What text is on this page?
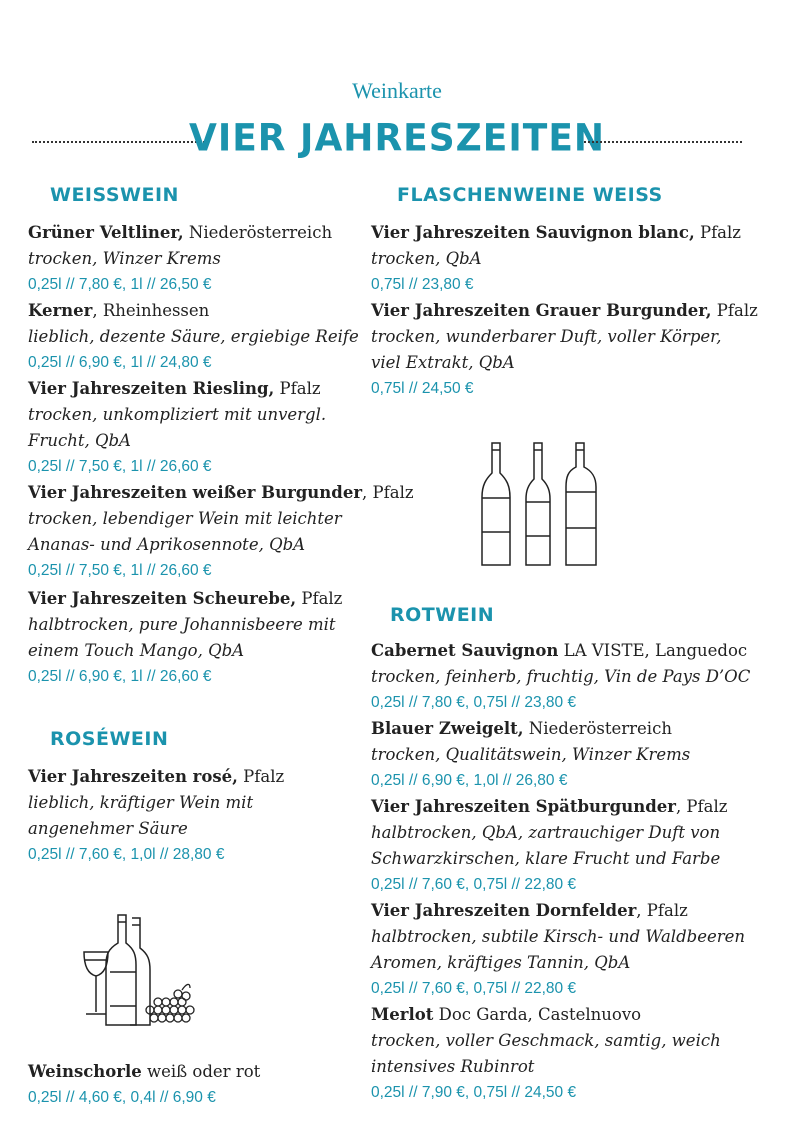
Weinkarte
VIER JAHRESZEITEN
WEISSWEIN
Grüner Veltliner, Niederösterreich
trocken, Winzer Krems
0,25l // 7,80 €, 1l // 26,50 €
Kerner, Rheinhessen
lieblich, dezente Säure, ergiebige Reife
0,25l // 6,90 €, 1l // 24,80 €
Vier Jahreszeiten Riesling, Pfalz
trocken, unkompliziert mit unvergl.
Frucht, QbA
0,25l // 7,50 €, 1l // 26,60 €
Vier Jahreszeiten weißer Burgunder, Pfalz
trocken, lebendiger Wein mit leichter
Ananas- und Aprikosennote, QbA
0,25l // 7,50 €, 1l // 26,60 €
Vier Jahreszeiten Scheurebe, Pfalz
halbtrocken, pure Johannisbeere mit
einem Touch Mango, QbA
0,25l // 6,90 €, 1l // 26,60 €
ROSÉWEIN
Vier Jahreszeiten rosé, Pfalz
lieblich, kräftiger Wein mit
angenehmer Säure
0,25l // 7,60 €, 1,0l // 28,80 €
Weinschorle weiß oder rot
0,25l // 4,60 €, 0,4l // 6,90 €
FLASCHENWEINE WEISS
Vier Jahreszeiten Sauvignon blanc, Pfalz
trocken, QbA
0,75l // 23,80 €
Vier Jahreszeiten Grauer Burgunder, Pfalz
trocken, wunderbarer Duft, voller Körper,
viel Extrakt, QbA
0,75l // 24,50 €
ROTWEIN
Cabernet Sauvignon LA VISTE, Languedoc
trocken, feinherb, fruchtig, Vin de Pays D’OC
0,25l // 7,80 €, 0,75l // 23,80 €
Blauer Zweigelt, Niederösterreich
trocken, Qualitätswein, Winzer Krems
0,25l // 6,90 €, 1,0l // 26,80 €
Vier Jahreszeiten Spätburgunder, Pfalz
halbtrocken, QbA, zartrauchiger Duft von
Schwarzkirschen, klare Frucht und Farbe
0,25l // 7,60 €, 0,75l // 22,80 €
Vier Jahreszeiten Dornfelder, Pfalz
halbtrocken, subtile Kirsch- und Waldbeeren
Aromen, kräftiges Tannin, QbA
0,25l // 7,60 €, 0,75l // 22,80 €
Merlot Doc Garda, Castelnuovo
trocken, voller Geschmack, samtig, weich
intensives Rubinrot
0,25l // 7,90 €, 0,75l // 24,50 €
